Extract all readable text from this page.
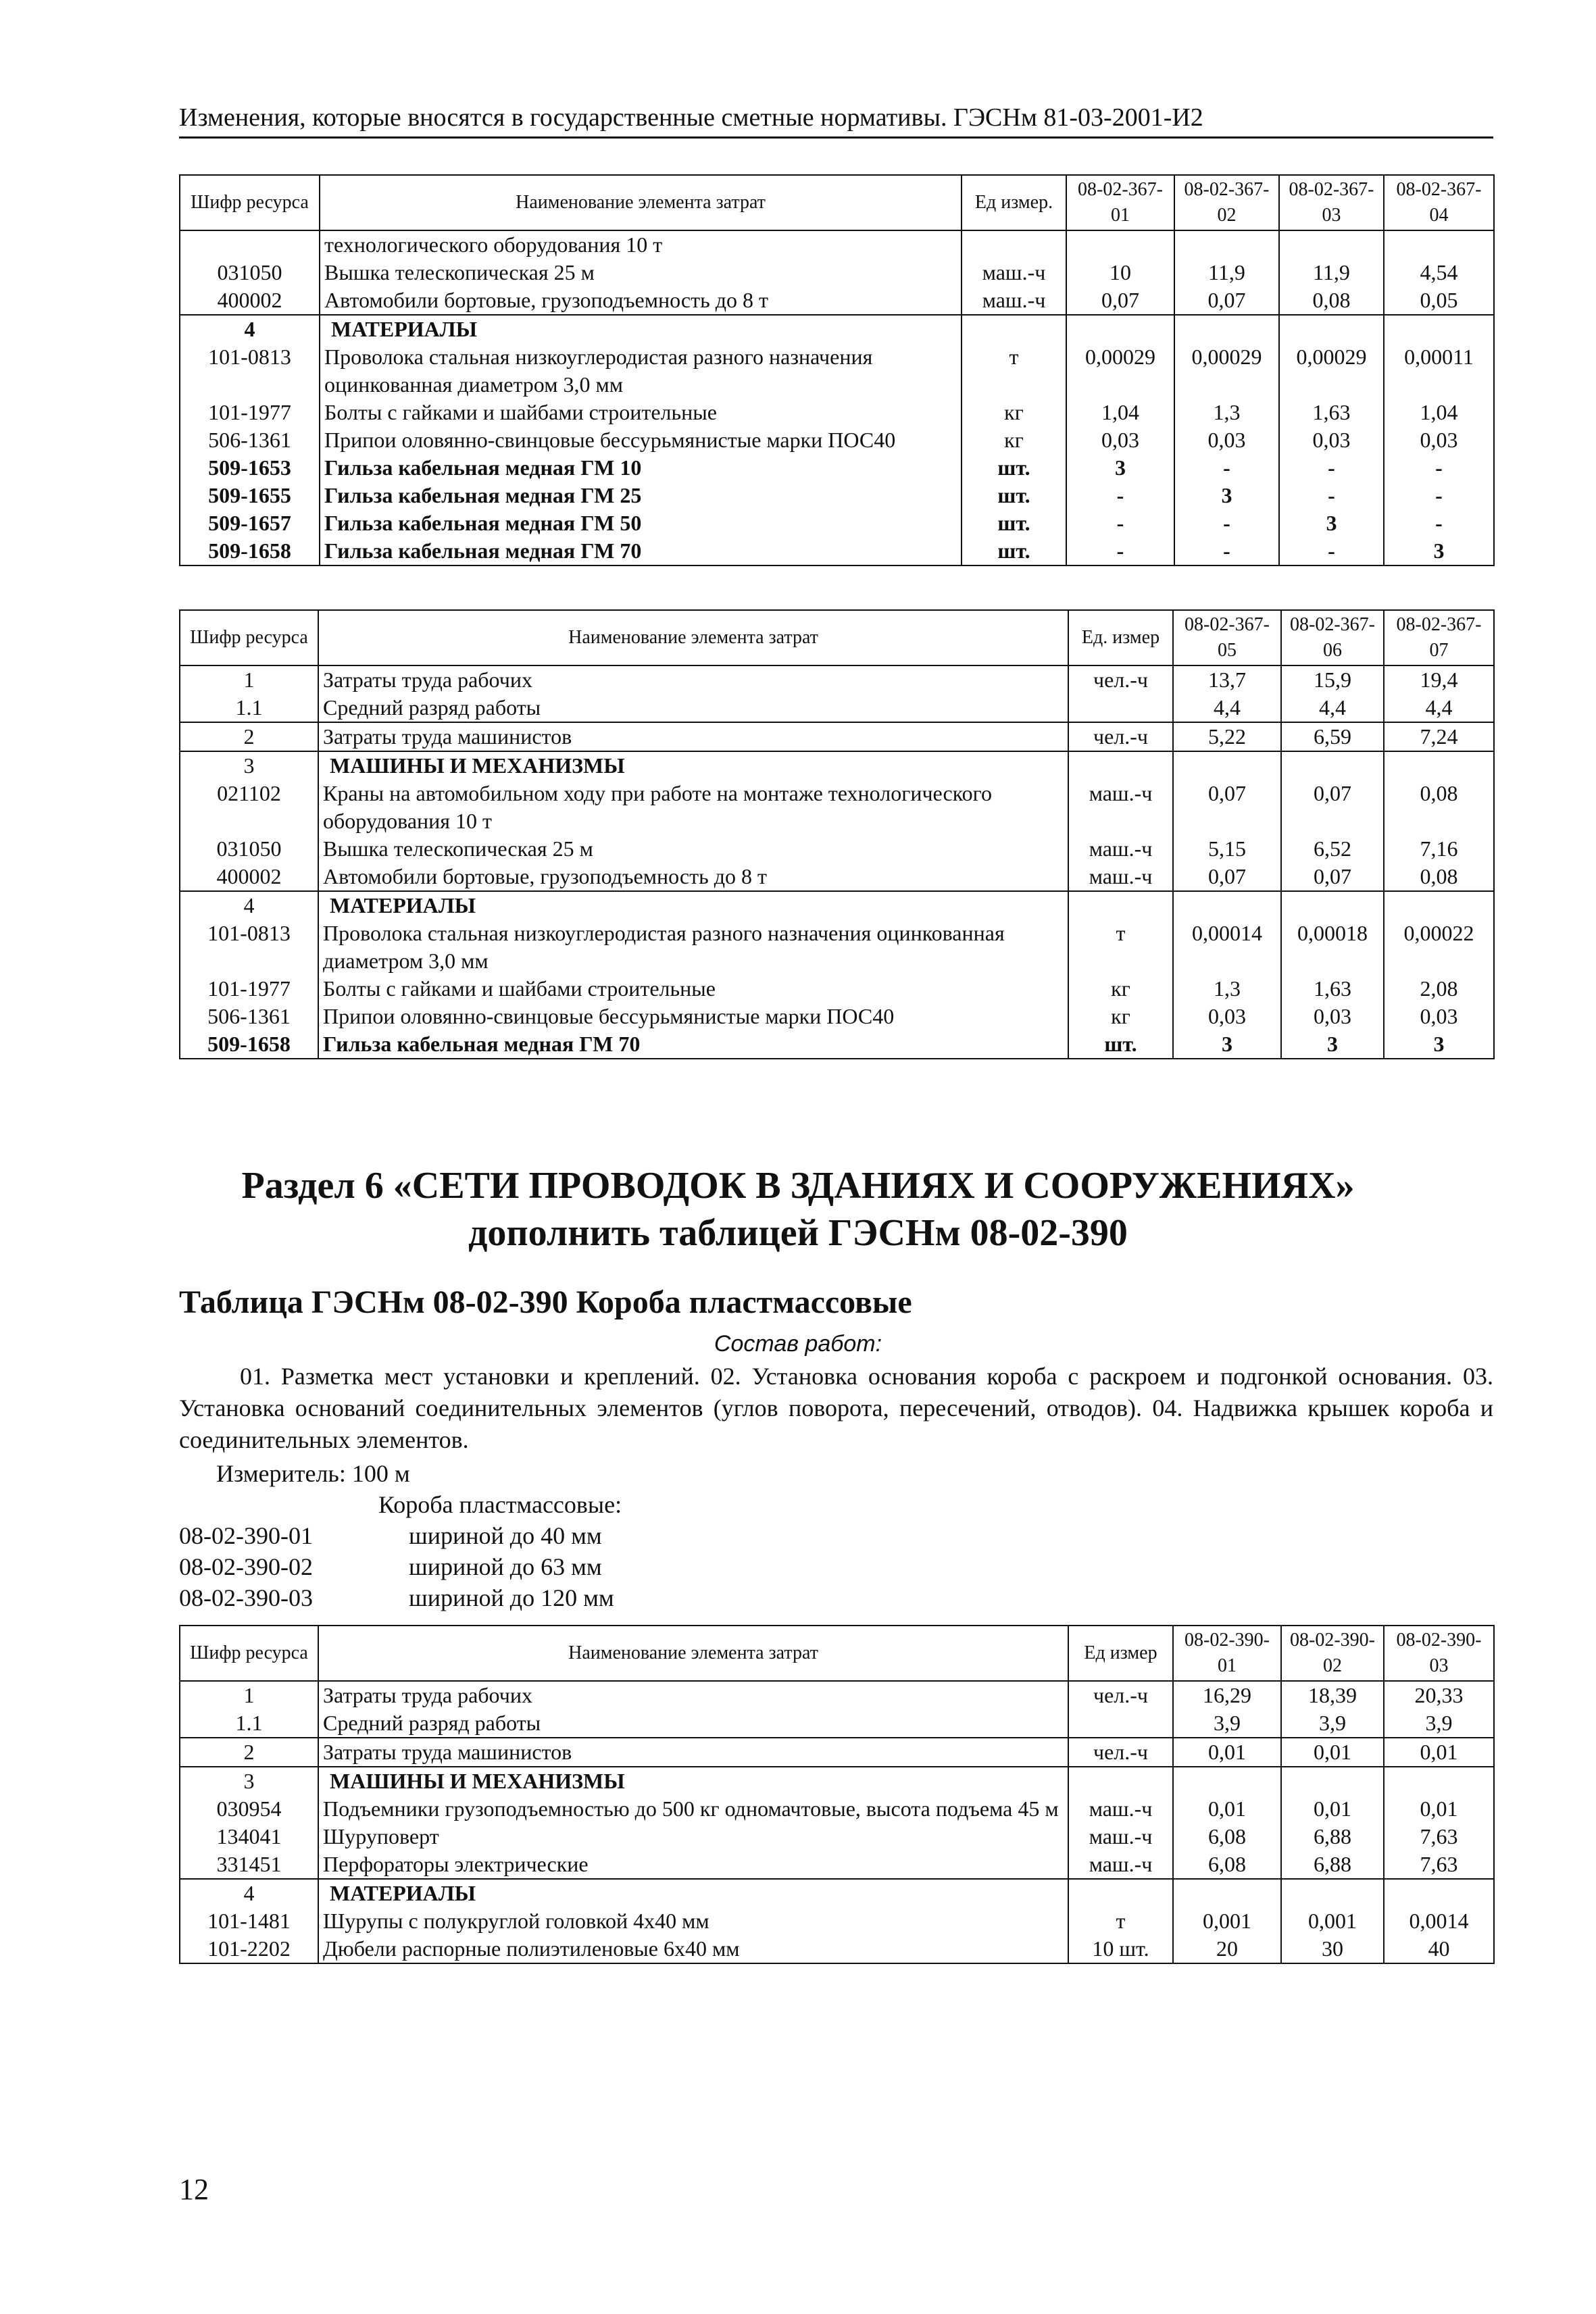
Изменения, которые вносятся в государственные сметные нормативы. ГЭСНм 81-03-2001-И2
Шифр ресурса	Наименование элемента затрат	Ед измер.	08-02-367-01	08-02-367-02	08-02-367-03	08-02-367-04
	технологического оборудования 10 т					
031050	Вышка телескопическая 25 м	маш.-ч	10	11,9	11,9	4,54
400002	Автомобили бортовые, грузоподъемность до 8 т	маш.-ч	0,07	0,07	0,08	0,05
4	МАТЕРИАЛЫ					
101-0813	Проволока стальная низкоуглеродистая разного назначения оцинкованная диаметром 3,0 мм	т	0,00029	0,00029	0,00029	0,00011
101-1977	Болты с гайками и шайбами строительные	кг	1,04	1,3	1,63	1,04
506-1361	Припои оловянно-свинцовые бессурьмянистые марки ПОС40	кг	0,03	0,03	0,03	0,03
509-1653	Гильза кабельная медная ГМ 10	шт.	3	-	-	-
509-1655	Гильза кабельная медная ГМ 25	шт.	-	3	-	-
509-1657	Гильза кабельная медная ГМ 50	шт.	-	-	3	-
509-1658	Гильза кабельная медная ГМ 70	шт.	-	-	-	3
Шифр ресурса	Наименование элемента затрат	Ед. измер	08-02-367-05	08-02-367-06	08-02-367-07
1	Затраты труда рабочих	чел.-ч	13,7	15,9	19,4
1.1	Средний разряд работы		4,4	4,4	4,4
2	Затраты труда машинистов	чел.-ч	5,22	6,59	7,24
3	МАШИНЫ И МЕХАНИЗМЫ				
021102	Краны на автомобильном ходу при работе на монтаже технологического оборудования 10 т	маш.-ч	0,07	0,07	0,08
031050	Вышка телескопическая 25 м	маш.-ч	5,15	6,52	7,16
400002	Автомобили бортовые, грузоподъемность до 8 т	маш.-ч	0,07	0,07	0,08
4	МАТЕРИАЛЫ				
101-0813	Проволока стальная низкоуглеродистая разного назначения оцинкованная диаметром 3,0 мм	т	0,00014	0,00018	0,00022
101-1977	Болты с гайками и шайбами строительные	кг	1,3	1,63	2,08
506-1361	Припои оловянно-свинцовые бессурьмянистые марки ПОС40	кг	0,03	0,03	0,03
509-1658	Гильза кабельная медная ГМ 70	шт.	3	3	3
Раздел 6 «СЕТИ ПРОВОДОК В ЗДАНИЯХ И СООРУЖЕНИЯХ»
дополнить таблицей ГЭСНм 08-02-390
Таблица ГЭСНм 08-02-390 Короба пластмассовые
Состав работ:
01. Разметка мест установки и креплений. 02. Установка основания короба с раскроем и подгонкой основания. 03. Установка оснований соединительных элементов (углов поворота, пересечений, отводов). 04. Надвижка крышек короба и соединительных элементов.
Измеритель: 100 м
Короба пластмассовые:
08-02-390-01	шириной до 40 мм
08-02-390-02	шириной до 63 мм
08-02-390-03	шириной до 120 мм
Шифр ресурса	Наименование элемента затрат	Ед измер	08-02-390-01	08-02-390-02	08-02-390-03
1	Затраты труда рабочих	чел.-ч	16,29	18,39	20,33
1.1	Средний разряд работы		3,9	3,9	3,9
2	Затраты труда машинистов	чел.-ч	0,01	0,01	0,01
3	МАШИНЫ И МЕХАНИЗМЫ				
030954	Подъемники грузоподъемностью до 500 кг одномачтовые, высота подъема 45 м	маш.-ч	0,01	0,01	0,01
134041	Шуруповерт	маш.-ч	6,08	6,88	7,63
331451	Перфораторы электрические	маш.-ч	6,08	6,88	7,63
4	МАТЕРИАЛЫ				
101-1481	Шурупы с полукруглой головкой 4x40 мм	т	0,001	0,001	0,0014
101-2202	Дюбели распорные полиэтиленовые 6x40 мм	10 шт.	20	30	40
12
